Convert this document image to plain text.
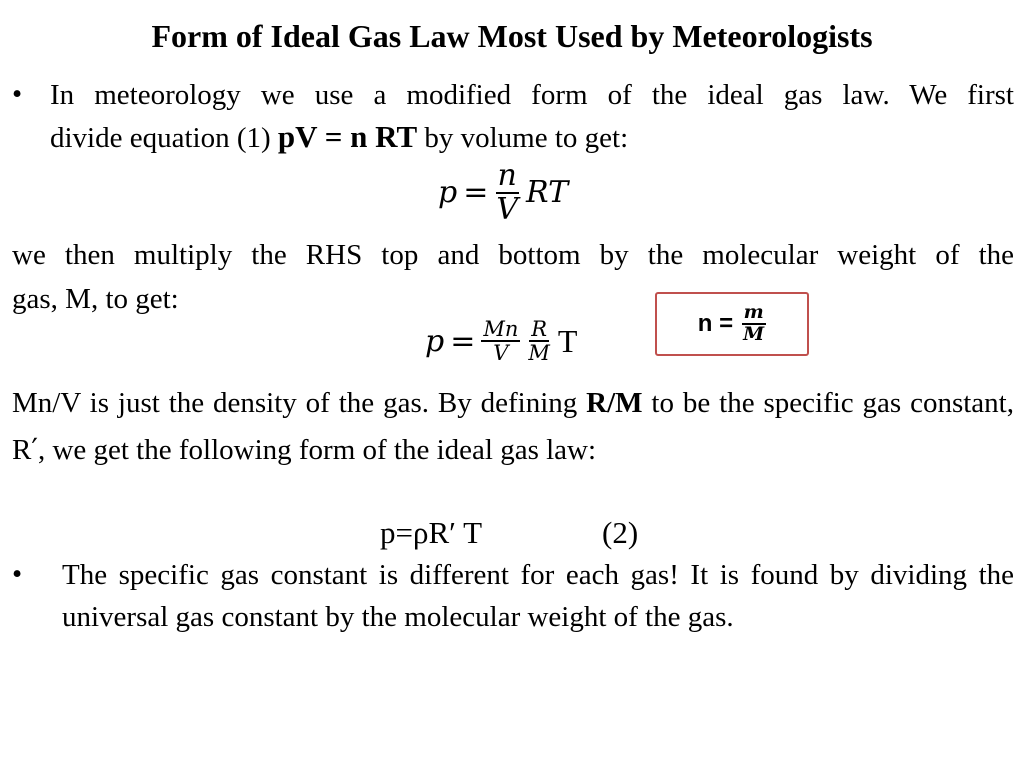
Form of Ideal Gas Law Most Used by Meteorologists
• In meteorology we use a modified form of the ideal gas law. We first
divide equation (1) pV = n RT by volume to get:
$p = \frac{n}{V}$ RT
we then multiply the RHS top and bottom by the molecular weight of the
gas, M, to get:
$p = \frac{Mn}{V} \frac{R}{M}$ T	$n = \frac{m}{M}$
Mn/V is just the density of the gas. By defining R/M to be the specific gas constant, R′, we get the following form of the ideal gas law:
p=ρR′ T	(2)
• The specific gas constant is different for each gas! It is found by dividing the universal gas constant by the molecular weight of the gas.
